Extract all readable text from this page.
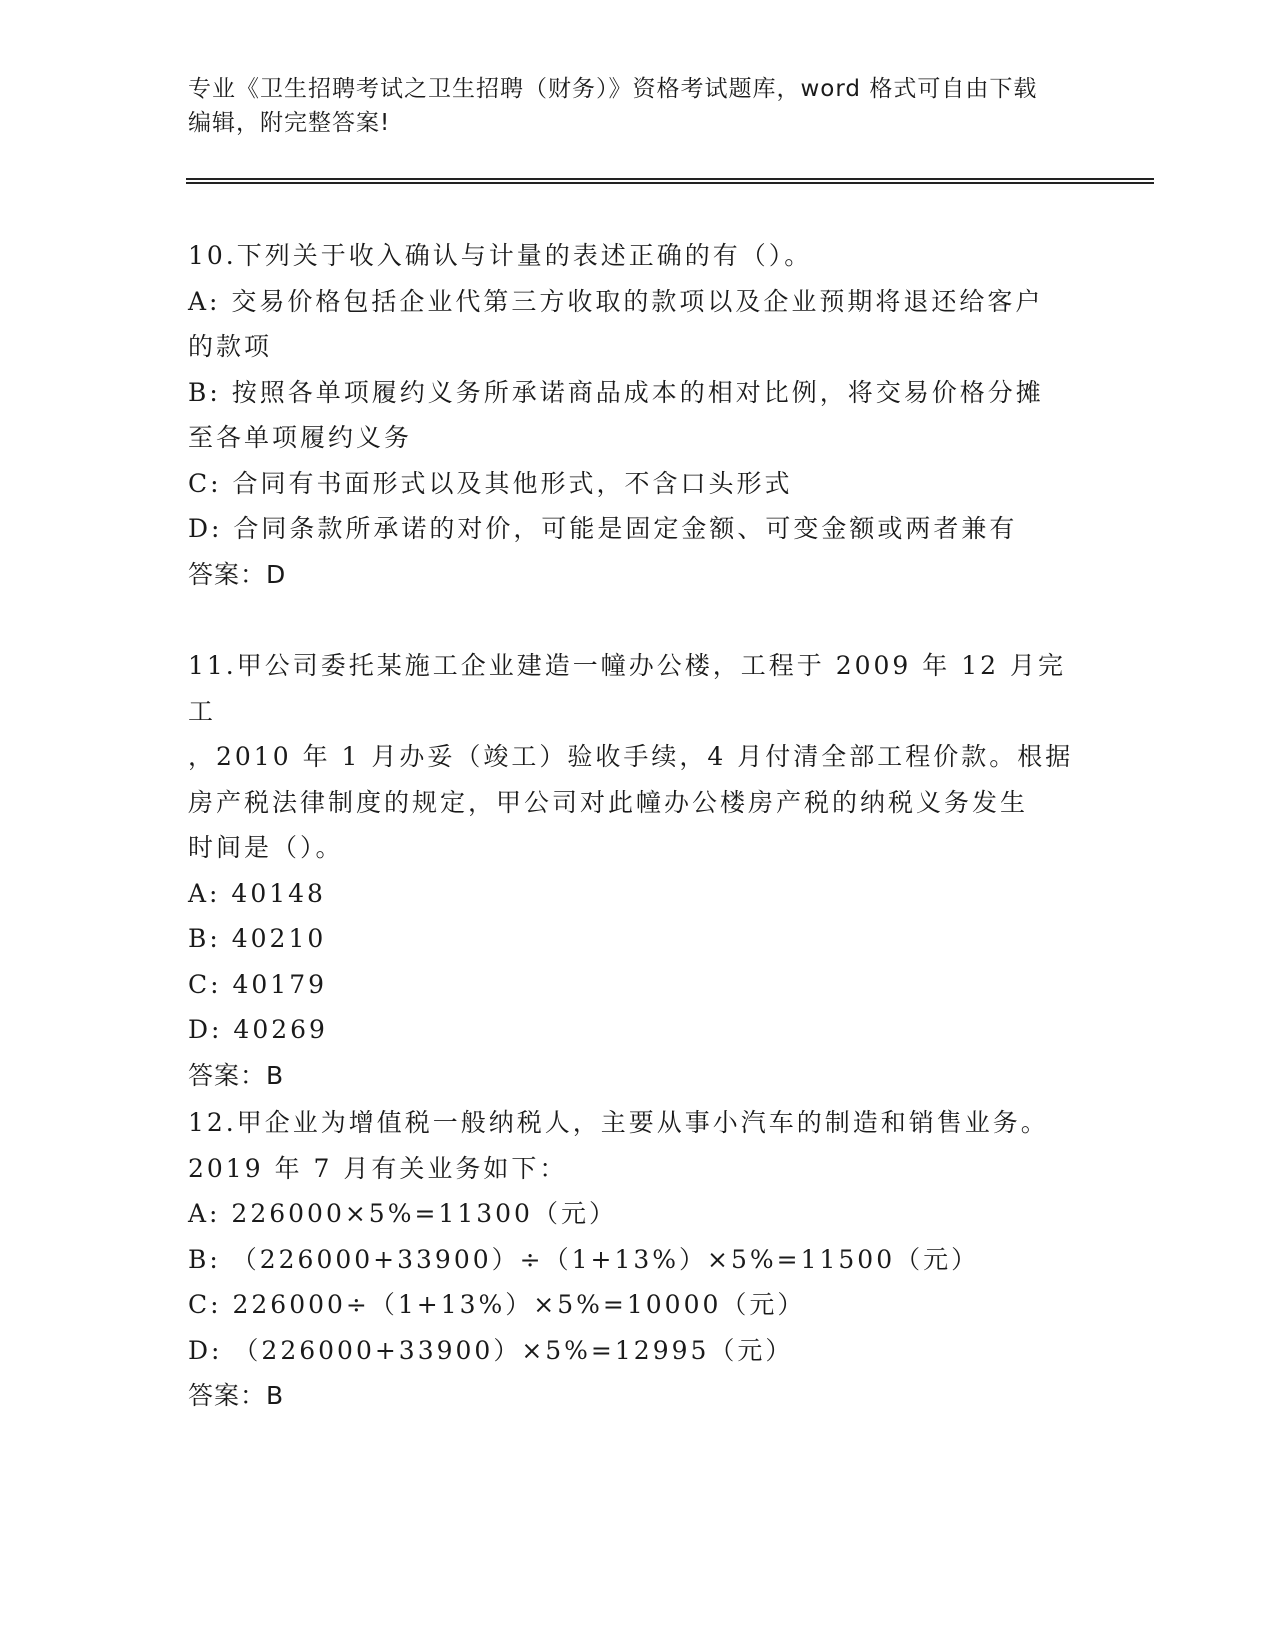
专业《卫生招聘考试之卫生招聘（财务）》资格考试题库，word 格式可自由下载

编辑，附完整答案!

10.下列关于收入确认与计量的表述正确的有（）。

A: 交易价格包括企业代第三方收取的款项以及企业预期将退还给客户

的款项

B: 按照各单项履约义务所承诺商品成本的相对比例，将交易价格分摊

至各单项履约义务

C: 合同有书面形式以及其他形式，不含口头形式

D: 合同条款所承诺的对价，可能是固定金额、可变金额或两者兼有

答案：D

11.甲公司委托某施工企业建造一幢办公楼，工程于 2009 年 12 月完工

，2010 年 1 月办妥（竣工）验收手续，4 月付清全部工程价款。根据

房产税法律制度的规定，甲公司对此幢办公楼房产税的纳税义务发生

时间是（）。

A: 40148

B: 40210

C: 40179

D: 40269

答案：B

12.甲企业为增值税一般纳税人，主要从事小汽车的制造和销售业务。

2019 年 7 月有关业务如下：

A: 226000×5%=11300（元）

B: （226000+33900）÷（1+13%）×5%=11500（元）

C: 226000÷（1+13%）×5%=10000（元）

D: （226000+33900）×5%=12995（元）

答案：B
